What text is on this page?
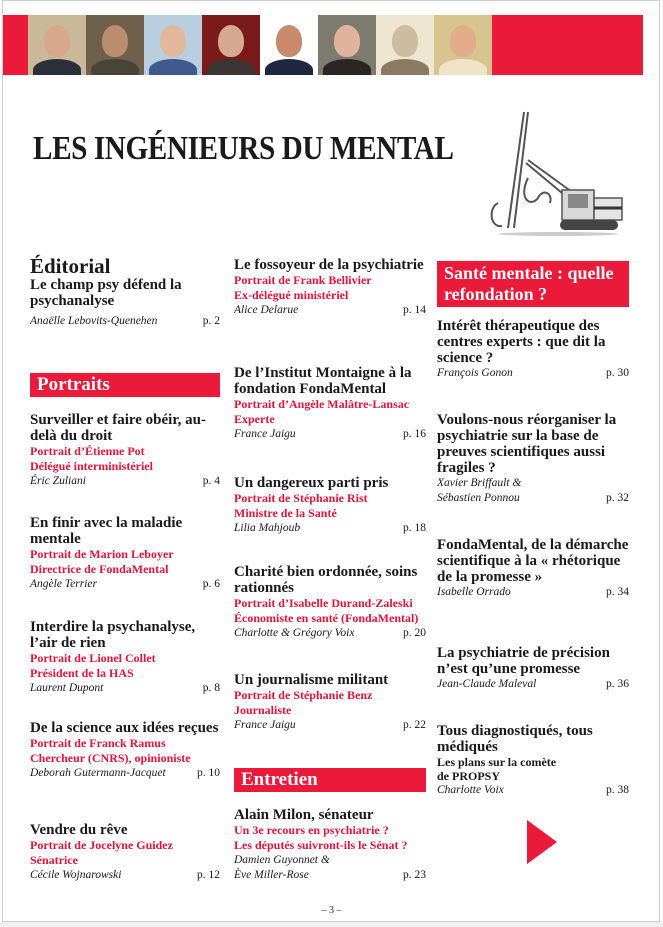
LES INGÉNIEURS DU MENTAL
Éditorial
Le champ psy défend la psychanalyse
Anaëlle Lebovits-Quenehen	p. 2
Surveiller et faire obéir, au-delà du droit
Portrait d’Étienne Pot
Délégué interministériel
Éric Zuliani	p. 4
En finir avec la maladie mentale
Portrait de Marion Leboyer
Directrice de FondaMental
Angèle Terrier	p. 6
Interdire la psychanalyse, l’air de rien
Portrait de Lionel Collet
Président de la HAS
Laurent Dupont	p. 8
De la science aux idées reçues
Portrait de Franck Ramus
Chercheur (CNRS), opinioniste
Deborah Gutermann-Jacquet	p. 10
Vendre du rêve
Portrait de Jocelyne Guidez
Sénatrice
Cécile Wojnarowski	p. 12
Portraits
Le fossoyeur de la psychiatrie
Portrait de Frank Bellivier
Ex-délégué ministériel
Alice Delarue	p. 14
De l’Institut Montaigne à la fondation FondaMental
Portrait d’Angèle Malâtre-Lansac
Experte
France Jaigu	p. 16
Un dangereux parti pris
Portrait de Stéphanie Rist
Ministre de la Santé
Lilia Mahjoub	p. 18
Charité bien ordonnée, soins rationnés
Portrait d’Isabelle Durand-Zaleski
Économiste en santé (FondaMental)
Charlotte & Grégory Voix	p. 20
Un journalisme militant
Portrait de Stéphanie Benz
Journaliste
France Jaigu	p. 22
Alain Milon, sénateur
Un 3e recours en psychiatrie ?
Les députés suivront-ils le Sénat ?
Damien Guyonnet &
Ève Miller-Rose	p. 23
Entretien
Santé mentale : quelle refondation ?
Intérêt thérapeutique des centres experts : que dit la science ?
François Gonon	p. 30
Voulons-nous réorganiser la psychiatrie sur la base de preuves scientifiques aussi fragiles ?
Xavier Briffault &
Sébastien Ponnou	p. 32
FondaMental, de la démarche scientifique à la « rhétorique de la promesse »
Isabelle Orrado	p. 34
La psychiatrie de précision n’est qu’une promesse
Jean-Claude Maleval	p. 36
Tous diagnostiqués, tous médiqués
Les plans sur la comète
de PROPSY
Charlotte Voix	p. 38
– 3 –
